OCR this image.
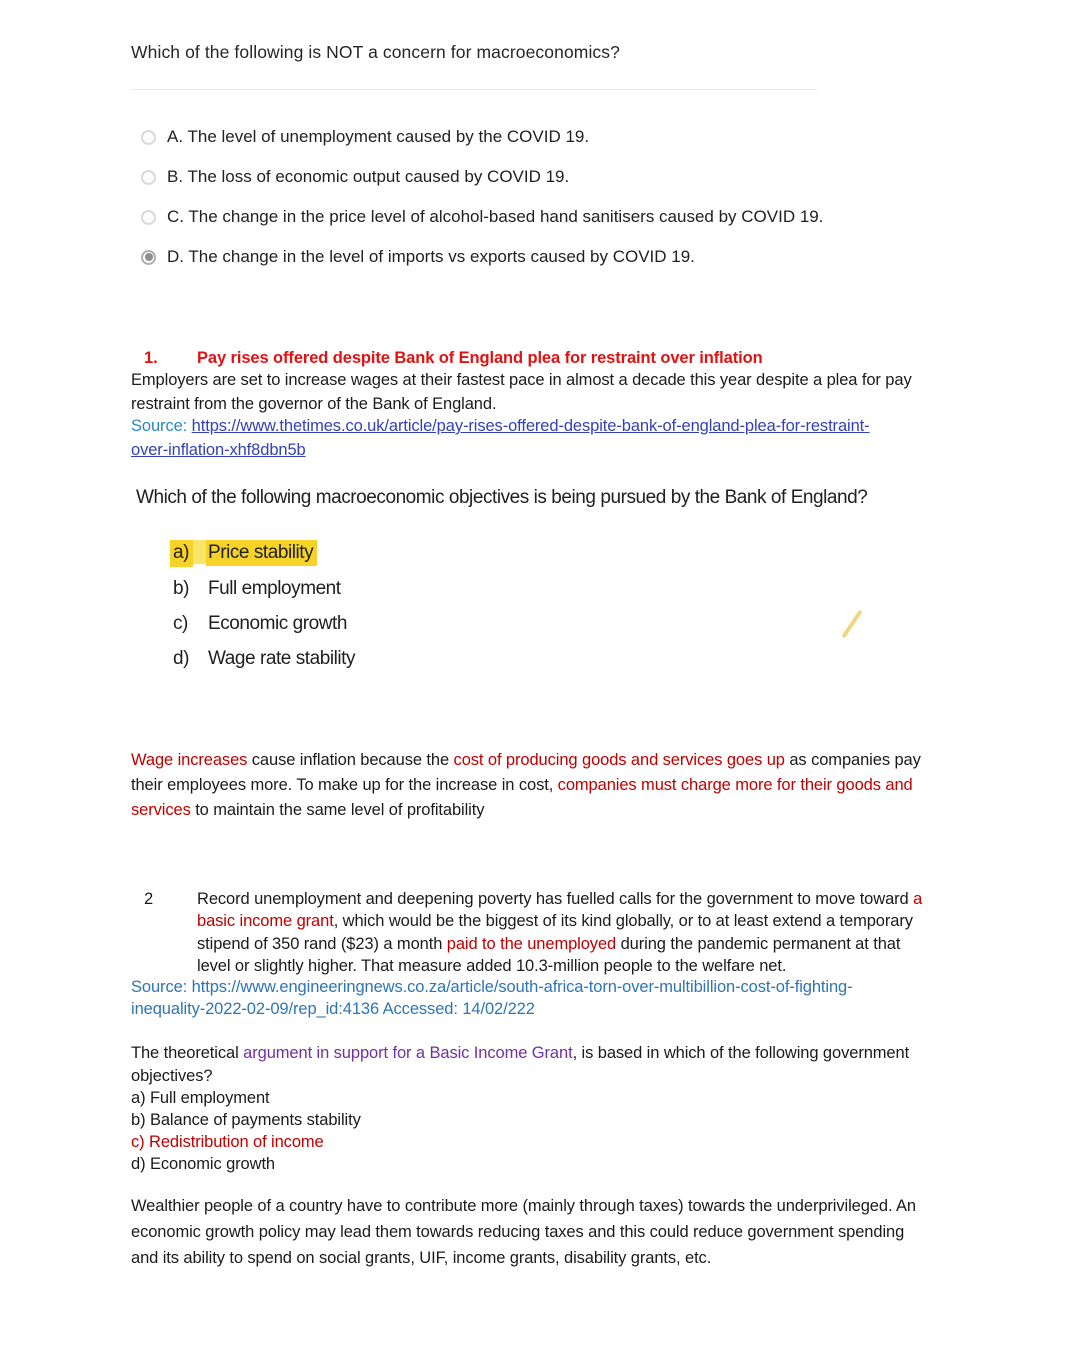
Which of the following is NOT a concern for macroeconomics?
A. The level of unemployment caused by the COVID 19.
B. The loss of economic output caused by COVID 19.
C. The change in the price level of alcohol-based hand sanitisers caused by COVID 19.
D. The change in the level of imports vs exports caused by COVID 19.
1. Pay rises offered despite Bank of England plea for restraint over inflation
Employers are set to increase wages at their fastest pace in almost a decade this year despite a plea for pay
restraint from the governor of the Bank of England.
Source: https://www.thetimes.co.uk/article/pay-rises-offered-despite-bank-of-england-plea-for-restraint-
over-inflation-xhf8dbn5b
Which of the following macroeconomic objectives is being pursued by the Bank of England?
a) Price stability
b) Full employment
c) Economic growth
d) Wage rate stability
Wage increases cause inflation because the cost of producing goods and services goes up as companies pay
their employees more. To make up for the increase in cost, companies must charge more for their goods and
services to maintain the same level of profitability
2	Record unemployment and deepening poverty has fuelled calls for the government to move toward a
basic income grant, which would be the biggest of its kind globally, or to at least extend a temporary
stipend of 350 rand ($23) a month paid to the unemployed during the pandemic permanent at that
level or slightly higher. That measure added 10.3-million people to the welfare net.
Source: https://www.engineeringnews.co.za/article/south-africa-torn-over-multibillion-cost-of-fighting-
inequality-2022-02-09/rep_id:4136 Accessed: 14/02/222
The theoretical argument in support for a Basic Income Grant, is based in which of the following government
objectives?
a) Full employment
b) Balance of payments stability
c) Redistribution of income
d) Economic growth
Wealthier people of a country have to contribute more (mainly through taxes) towards the underprivileged. An
economic growth policy may lead them towards reducing taxes and this could reduce government spending
and its ability to spend on social grants, UIF, income grants, disability grants, etc.
